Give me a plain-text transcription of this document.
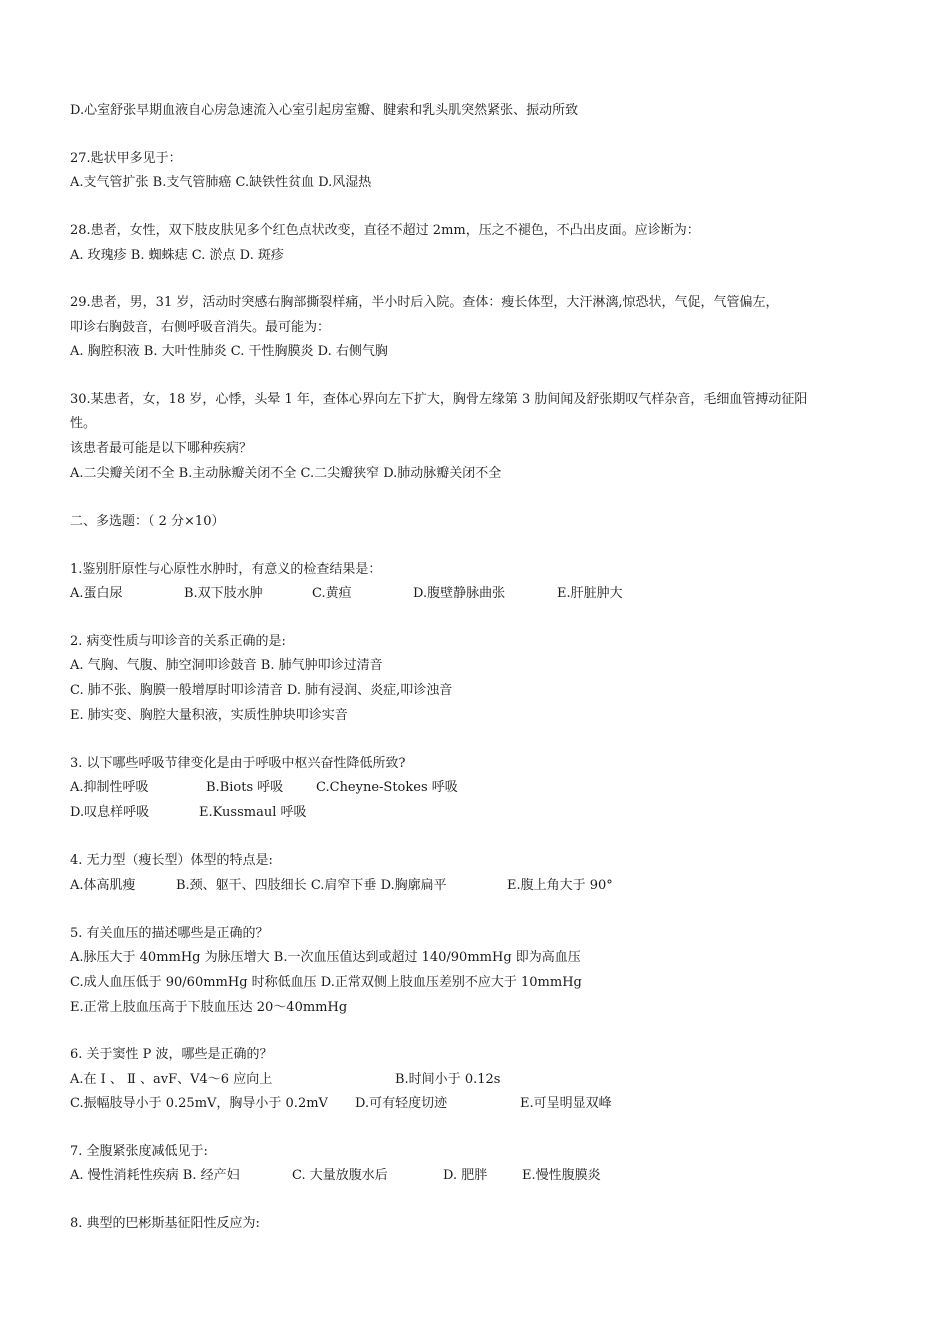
D.心室舒张早期血液自心房急速流入心室引起房室瓣、腱索和乳头肌突然紧张、振动所致
27.匙状甲多见于：
A.支气管扩张 B.支气管肺癌 C.缺铁性贫血 D.风湿热
28.患者，女性，双下肢皮肤见多个红色点状改变，直径不超过 2mm，压之不褪色，不凸出皮面。应诊断为：
A. 玫瑰疹 B. 蜘蛛痣 C. 淤点 D. 斑疹
29.患者，男，31 岁，活动时突感右胸部撕裂样痛，半小时后入院。查体：瘦长体型，大汗淋漓,惊恐状，气促，气管偏左，
叩诊右胸鼓音，右侧呼吸音消失。最可能为：
A. 胸腔积液 B. 大叶性肺炎 C. 干性胸膜炎 D. 右侧气胸
30.某患者，女，18 岁，心悸，头晕 1 年，查体心界向左下扩大，胸骨左缘第 3 肋间闻及舒张期叹气样杂音，毛细血管搏动征阳
性。
该患者最可能是以下哪种疾病？
A.二尖瓣关闭不全 B.主动脉瓣关闭不全 C.二尖瓣狭窄 D.肺动脉瓣关闭不全
二、多选题：（ 2 分×10）
1.鉴别肝原性与心原性水肿时，有意义的检查结果是：
A.蛋白尿	B.双下肢水肿	C.黄疸	D.腹壁静脉曲张	E.肝脏肿大
2. 病变性质与叩诊音的关系正确的是:
A. 气胸、气腹、肺空洞叩诊鼓音 B. 肺气肿叩诊过清音
C. 肺不张、胸膜一般增厚时叩诊清音 D. 肺有浸润、炎症,叩诊浊音
E. 肺实变、胸腔大量积液，实质性肿块叩诊实音
3. 以下哪些呼吸节律变化是由于呼吸中枢兴奋性降低所致?
A.抑制性呼吸	B.Biots 呼吸	C.Cheyne-Stokes 呼吸
D.叹息样呼吸	E.Kussmaul 呼吸
4. 无力型（瘦长型）体型的特点是:
A.体高肌瘦	B.颈、躯干、四肢细长 C.肩窄下垂 D.胸廓扁平	E.腹上角大于 90°
5. 有关血压的描述哪些是正确的？
A.脉压大于 40mmHg 为脉压增大 B.一次血压值达到或超过 140/90mmHg 即为高血压
C.成人血压低于 90/60mmHg 时称低血压 D.正常双侧上肢血压差别不应大于 10mmHg
E.正常上肢血压高于下肢血压达 20～40mmHg
6. 关于窦性 P 波，哪些是正确的？
A.在 Ⅰ 、 Ⅱ 、avF、V4～6 应向上	B.时间小于 0.12s
C.振幅肢导小于 0.25mV，胸导小于 0.2mV D.可有轻度切迹	E.可呈明显双峰
7. 全腹紧张度减低见于:
A. 慢性消耗性疾病 B. 经产妇	C. 大量放腹水后	D. 肥胖	E.慢性腹膜炎
8. 典型的巴彬斯基征阳性反应为:
